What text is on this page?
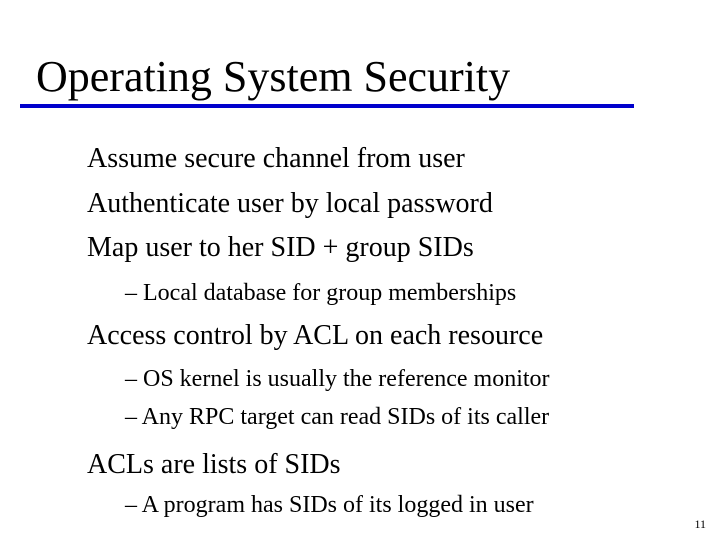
Operating System Security
Assume secure channel from user
Authenticate user by local password
Map user to her SID + group SIDs
– Local database for group memberships
Access control by ACL on each resource
– OS kernel is usually the reference monitor
– Any RPC target can read SIDs of its caller
ACLs are lists of SIDs
– A program has SIDs of its logged in user
11
